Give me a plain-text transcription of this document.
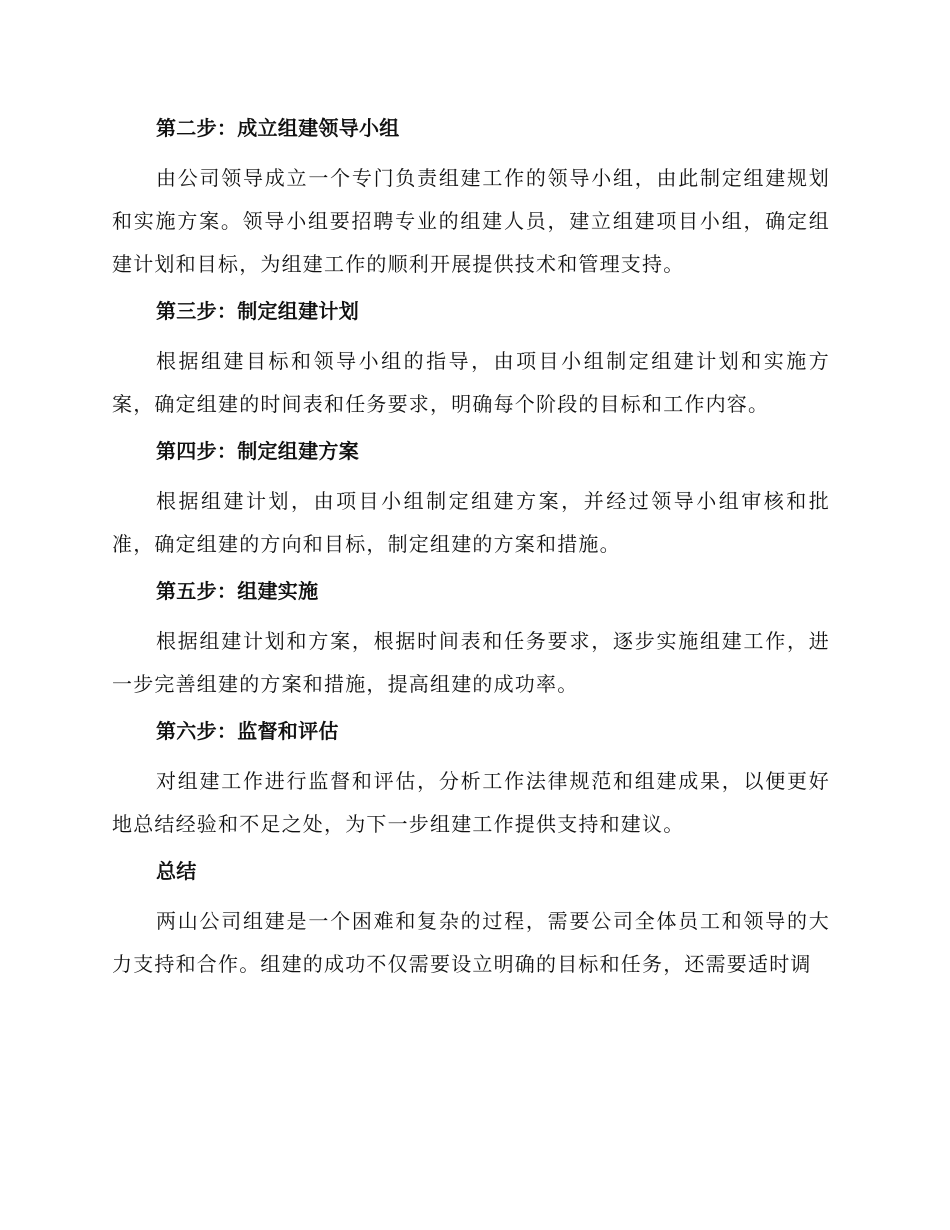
第二步：成立组建领导小组

由公司领导成立一个专门负责组建工作的领导小组，由此制定组建规划和实施方案。领导小组要招聘专业的组建人员，建立组建项目小组，确定组建计划和目标，为组建工作的顺利开展提供技术和管理支持。

第三步：制定组建计划

根据组建目标和领导小组的指导，由项目小组制定组建计划和实施方案，确定组建的时间表和任务要求，明确每个阶段的目标和工作内容。

第四步：制定组建方案

根据组建计划，由项目小组制定组建方案，并经过领导小组审核和批准，确定组建的方向和目标，制定组建的方案和措施。

第五步：组建实施

根据组建计划和方案，根据时间表和任务要求，逐步实施组建工作，进一步完善组建的方案和措施，提高组建的成功率。

第六步：监督和评估

对组建工作进行监督和评估，分析工作法律规范和组建成果，以便更好地总结经验和不足之处，为下一步组建工作提供支持和建议。

总结

两山公司组建是一个困难和复杂的过程，需要公司全体员工和领导的大力支持和合作。组建的成功不仅需要设立明确的目标和任务，还需要适时调
